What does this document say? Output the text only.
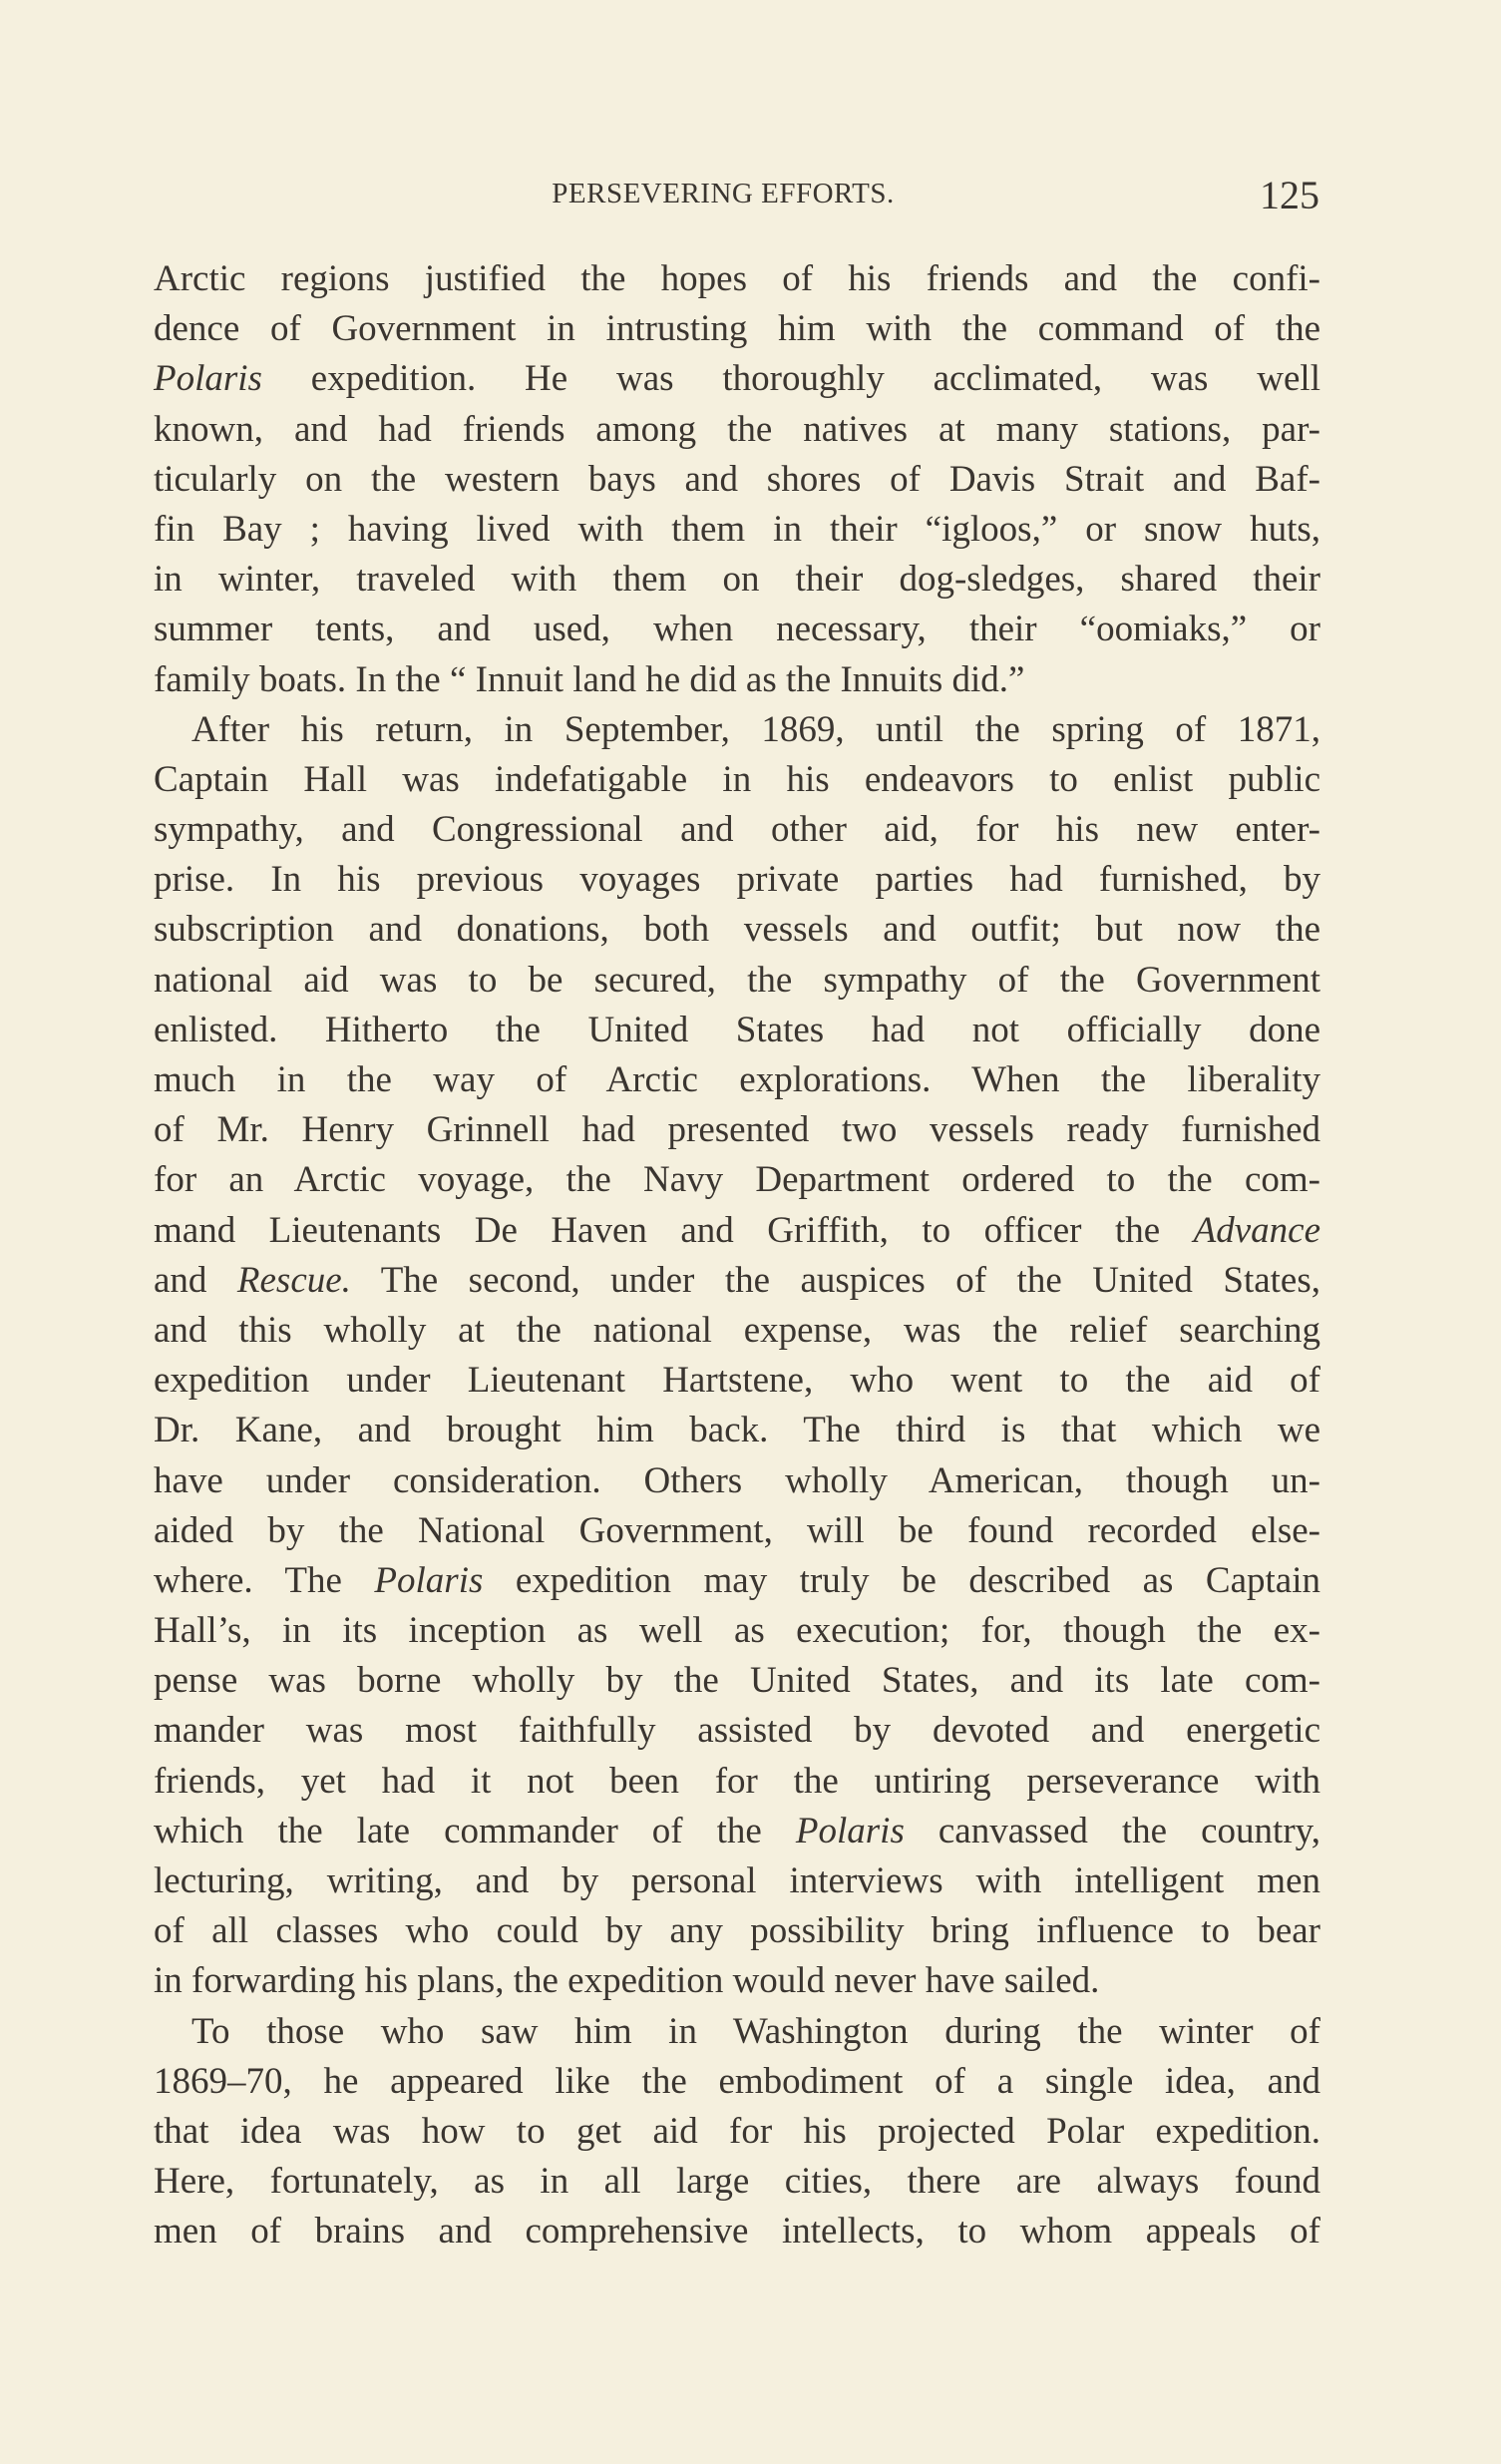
PERSEVERING EFFORTS.	125
Arctic regions justified the hopes of his friends and the confi-
dence of Government in intrusting him with the command of the
Polaris expedition. He was thoroughly acclimated, was well
known, and had friends among the natives at many stations, par-
ticularly on the western bays and shores of Davis Strait and Baf-
fin Bay ; having lived with them in their “igloos,” or snow huts,
in winter, traveled with them on their dog-sledges, shared their
summer tents, and used, when necessary, their “oomiaks,” or
family boats. In the “ Innuit land he did as the Innuits did.”
After his return, in September, 1869, until the spring of 1871,
Captain Hall was indefatigable in his endeavors to enlist public
sympathy, and Congressional and other aid, for his new enter-
prise. In his previous voyages private parties had furnished, by
subscription and donations, both vessels and outfit; but now the
national aid was to be secured, the sympathy of the Government
enlisted. Hitherto the United States had not officially done
much in the way of Arctic explorations. When the liberality
of Mr. Henry Grinnell had presented two vessels ready furnished
for an Arctic voyage, the Navy Department ordered to the com-
mand Lieutenants De Haven and Griffith, to officer the Advance
and Rescue. The second, under the auspices of the United States,
and this wholly at the national expense, was the relief searching
expedition under Lieutenant Hartstene, who went to the aid of
Dr. Kane, and brought him back. The third is that which we
have under consideration. Others wholly American, though un-
aided by the National Government, will be found recorded else-
where. The Polaris expedition may truly be described as Captain
Hall’s, in its inception as well as execution; for, though the ex-
pense was borne wholly by the United States, and its late com-
mander was most faithfully assisted by devoted and energetic
friends, yet had it not been for the untiring perseverance with
which the late commander of the Polaris canvassed the country,
lecturing, writing, and by personal interviews with intelligent men
of all classes who could by any possibility bring influence to bear
in forwarding his plans, the expedition would never have sailed.
To those who saw him in Washington during the winter of
1869–70, he appeared like the embodiment of a single idea, and
that idea was how to get aid for his projected Polar expedition.
Here, fortunately, as in all large cities, there are always found
men of brains and comprehensive intellects, to whom appeals of
